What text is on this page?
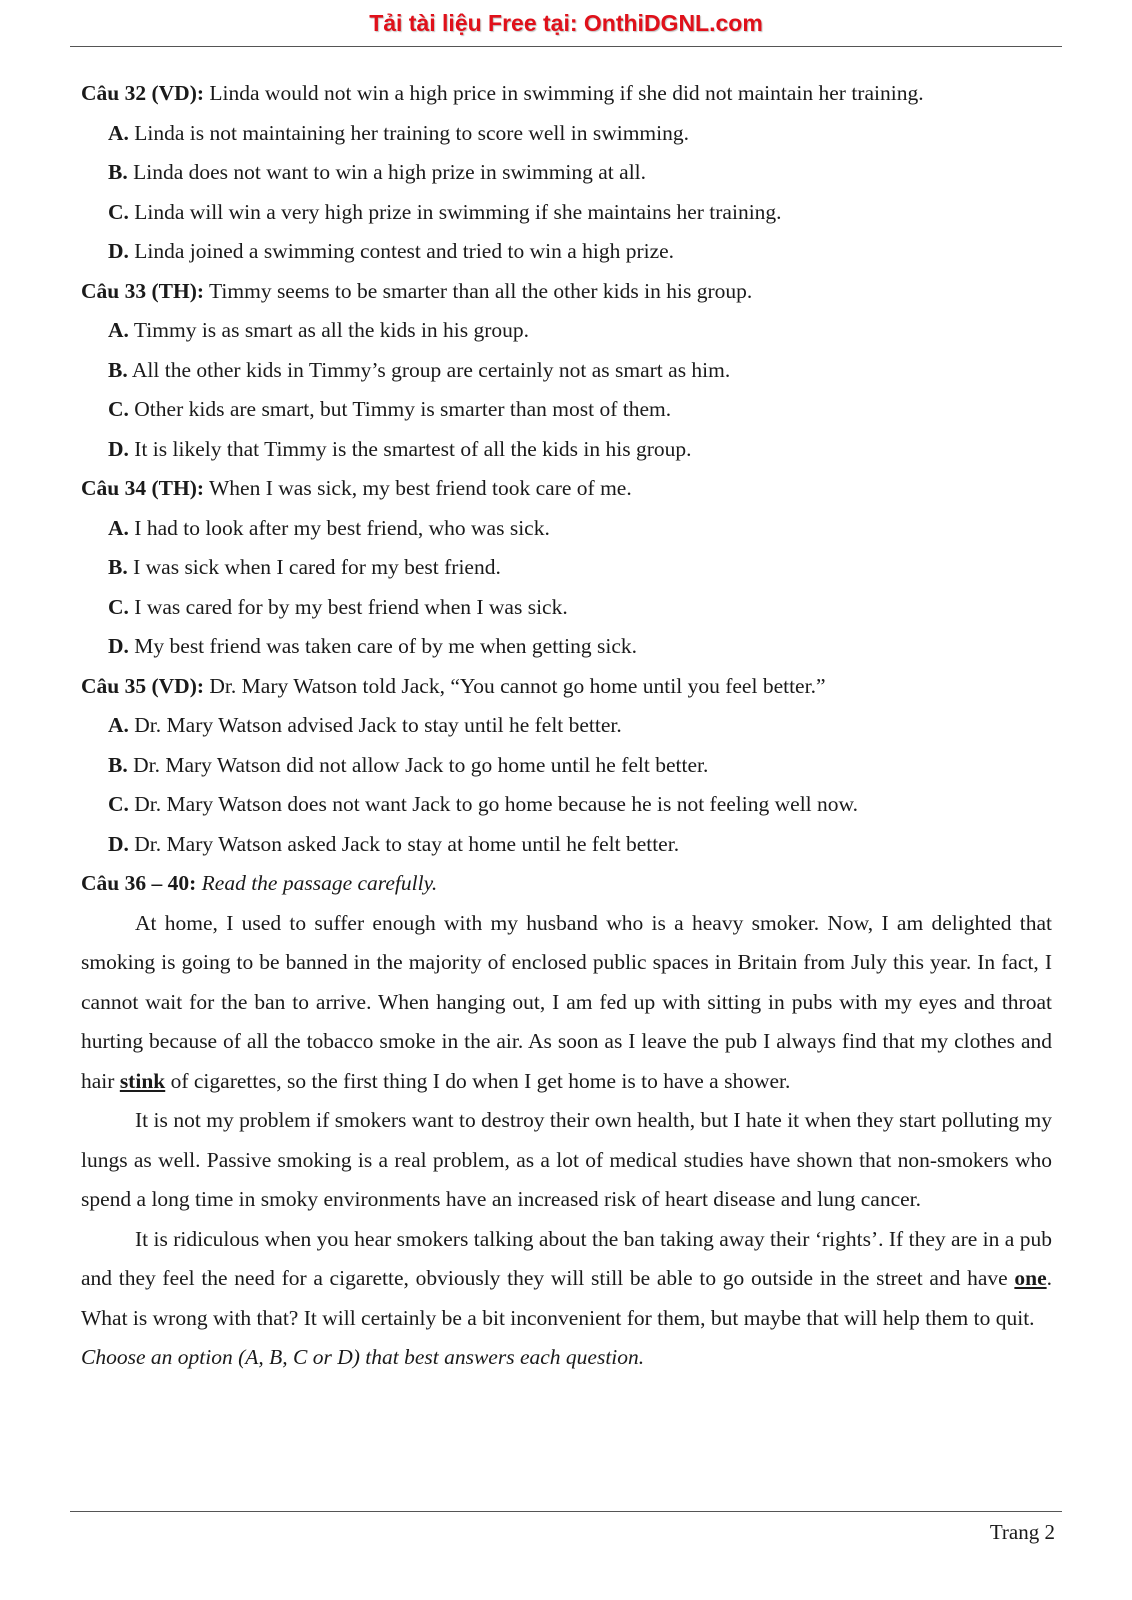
Tải tài liệu Free tại: OnthiDGNL.com

Câu 32 (VD): Linda would not win a high price in swimming if she did not maintain her training.

A. Linda is not maintaining her training to score well in swimming.
B. Linda does not want to win a high prize in swimming at all.
C. Linda will win a very high prize in swimming if she maintains her training.
D. Linda joined a swimming contest and tried to win a high prize.

Câu 33 (TH): Timmy seems to be smarter than all the other kids in his group.

A. Timmy is as smart as all the kids in his group.
B. All the other kids in Timmy’s group are certainly not as smart as him.
C. Other kids are smart, but Timmy is smarter than most of them.
D. It is likely that Timmy is the smartest of all the kids in his group.

Câu 34 (TH): When I was sick, my best friend took care of me.

A. I had to look after my best friend, who was sick.
B. I was sick when I cared for my best friend.
C. I was cared for by my best friend when I was sick.
D. My best friend was taken care of by me when getting sick.

Câu 35 (VD): Dr. Mary Watson told Jack, “You cannot go home until you feel better.”

A. Dr. Mary Watson advised Jack to stay until he felt better.
B. Dr. Mary Watson did not allow Jack to go home until he felt better.
C. Dr. Mary Watson does not want Jack to go home because he is not feeling well now.
D. Dr. Mary Watson asked Jack to stay at home until he felt better.

Câu 36 – 40: Read the passage carefully.

At home, I used to suffer enough with my husband who is a heavy smoker. Now, I am delighted that smoking is going to be banned in the majority of enclosed public spaces in Britain from July this year. In fact, I cannot wait for the ban to arrive. When hanging out, I am fed up with sitting in pubs with my eyes and throat hurting because of all the tobacco smoke in the air. As soon as I leave the pub I always find that my clothes and hair stink of cigarettes, so the first thing I do when I get home is to have a shower.

It is not my problem if smokers want to destroy their own health, but I hate it when they start polluting my lungs as well. Passive smoking is a real problem, as a lot of medical studies have shown that non-smokers who spend a long time in smoky environments have an increased risk of heart disease and lung cancer.

It is ridiculous when you hear smokers talking about the ban taking away their ‘rights’. If they are in a pub and they feel the need for a cigarette, obviously they will still be able to go outside in the street and have one. What is wrong with that? It will certainly be a bit inconvenient for them, but maybe that will help them to quit.

Choose an option (A, B, C or D) that best answers each question.

Trang 2
